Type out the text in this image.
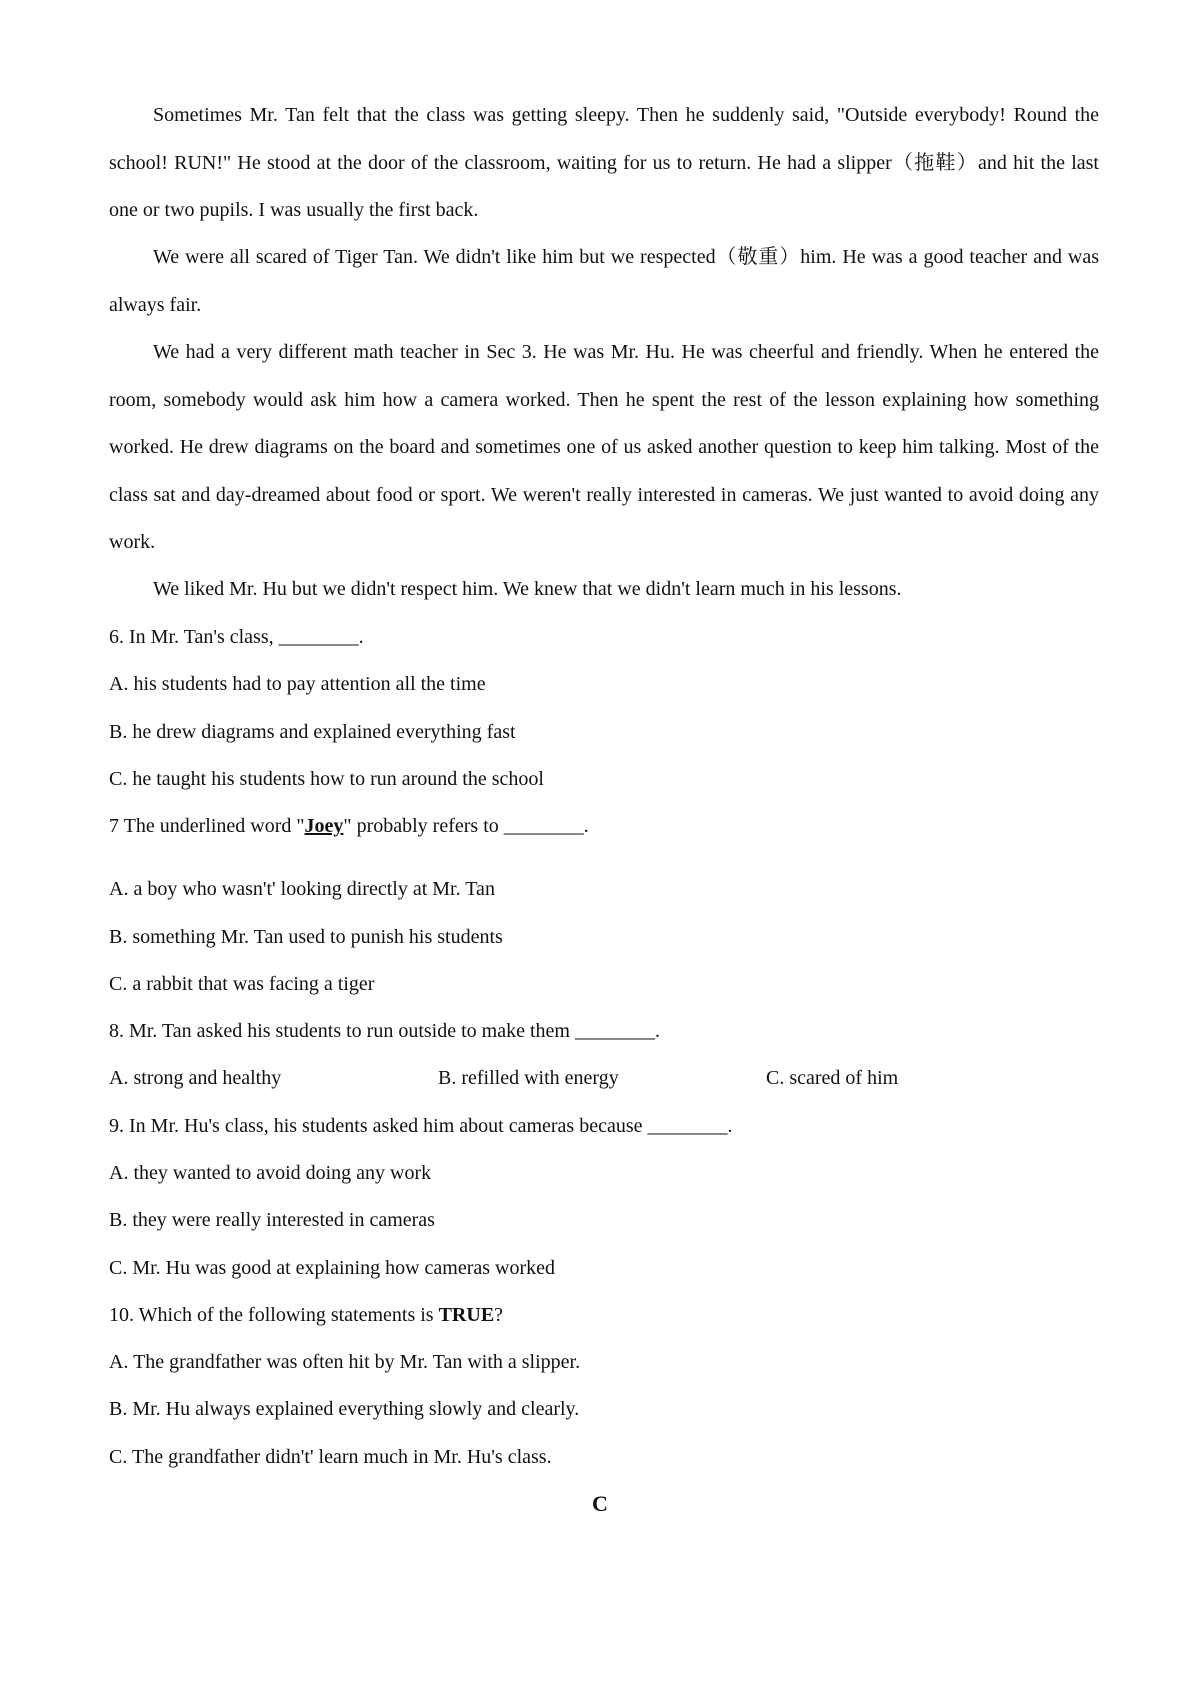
Sometimes Mr. Tan felt that the class was getting sleepy. Then he suddenly said, "Outside everybody! Round the school! RUN!" He stood at the door of the classroom, waiting for us to return. He had a slipper（拖鞋）and hit the last one or two pupils. I was usually the first back.

We were all scared of Tiger Tan. We didn't like him but we respected（敬重）him. He was a good teacher and was always fair.

We had a very different math teacher in Sec 3. He was Mr. Hu. He was cheerful and friendly. When he entered the room, somebody would ask him how a camera worked. Then he spent the rest of the lesson explaining how something worked. He drew diagrams on the board and sometimes one of us asked another question to keep him talking. Most of the class sat and day-dreamed about food or sport. We weren't really interested in cameras. We just wanted to avoid doing any work.

We liked Mr. Hu but we didn't respect him. We knew that we didn't learn much in his lessons.

6. In Mr. Tan's class, ________.
A. his students had to pay attention all the time
B. he drew diagrams and explained everything fast
C. he taught his students how to run around the school
7 The underlined word "Joey" probably refers to ________.
A. a boy who wasn't' looking directly at Mr. Tan
B. something Mr. Tan used to punish his students
C. a rabbit that was facing a tiger
8. Mr. Tan asked his students to run outside to make them ________.
A. strong and healthy	B. refilled with energy	C. scared of him
9. In Mr. Hu's class, his students asked him about cameras because ________.
A. they wanted to avoid doing any work
B. they were really interested in cameras
C. Mr. Hu was good at explaining how cameras worked
10. Which of the following statements is TRUE?
A. The grandfather was often hit by Mr. Tan with a slipper.
B. Mr. Hu always explained everything slowly and clearly.
C. The grandfather didn't' learn much in Mr. Hu's class.
C
